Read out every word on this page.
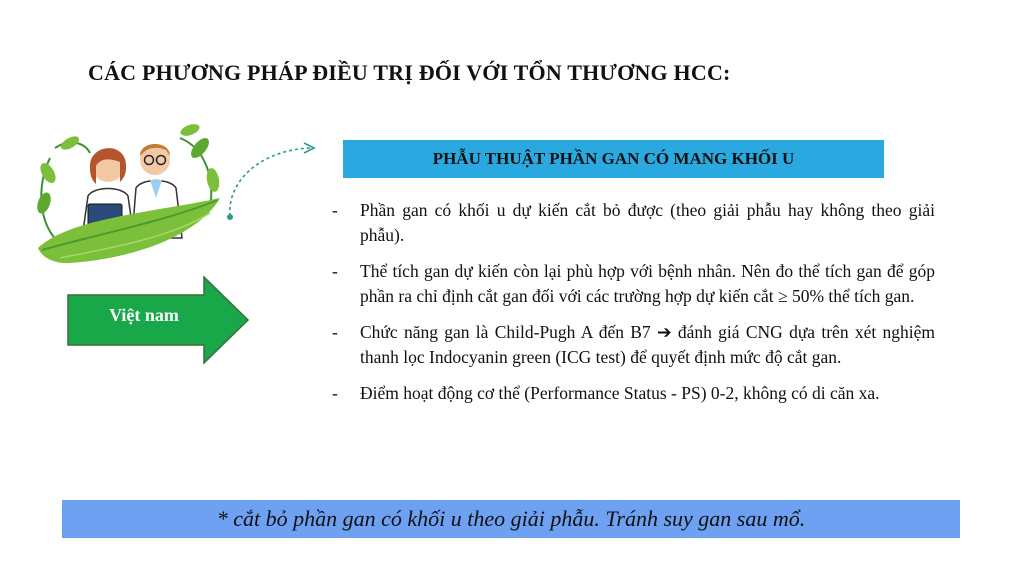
CÁC PHƯƠNG PHÁP ĐIỀU TRỊ ĐỐI VỚI TỔN THƯƠNG HCC:
Việt nam
PHẪU THUẬT PHẦN GAN CÓ MANG KHỐI U
- Phần gan có khối u dự kiến cắt bỏ được (theo giải phẫu hay không theo giải phẫu).
- Thể tích gan dự kiến còn lại phù hợp với bệnh nhân. Nên đo thể tích gan để góp phần ra chỉ định cắt gan đối với các trường hợp dự kiến cắt ≥ 50% thể tích gan.
- Chức năng gan là Child-Pugh A đến B7 ➔ đánh giá CNG dựa trên xét nghiệm thanh lọc Indocyanin green (ICG test) để quyết định mức độ cắt gan.
- Điểm hoạt động cơ thể (Performance Status - PS) 0-2, không có di căn xa.
* cắt bỏ phần gan có khối u theo giải phẫu. Tránh suy gan sau mổ.
